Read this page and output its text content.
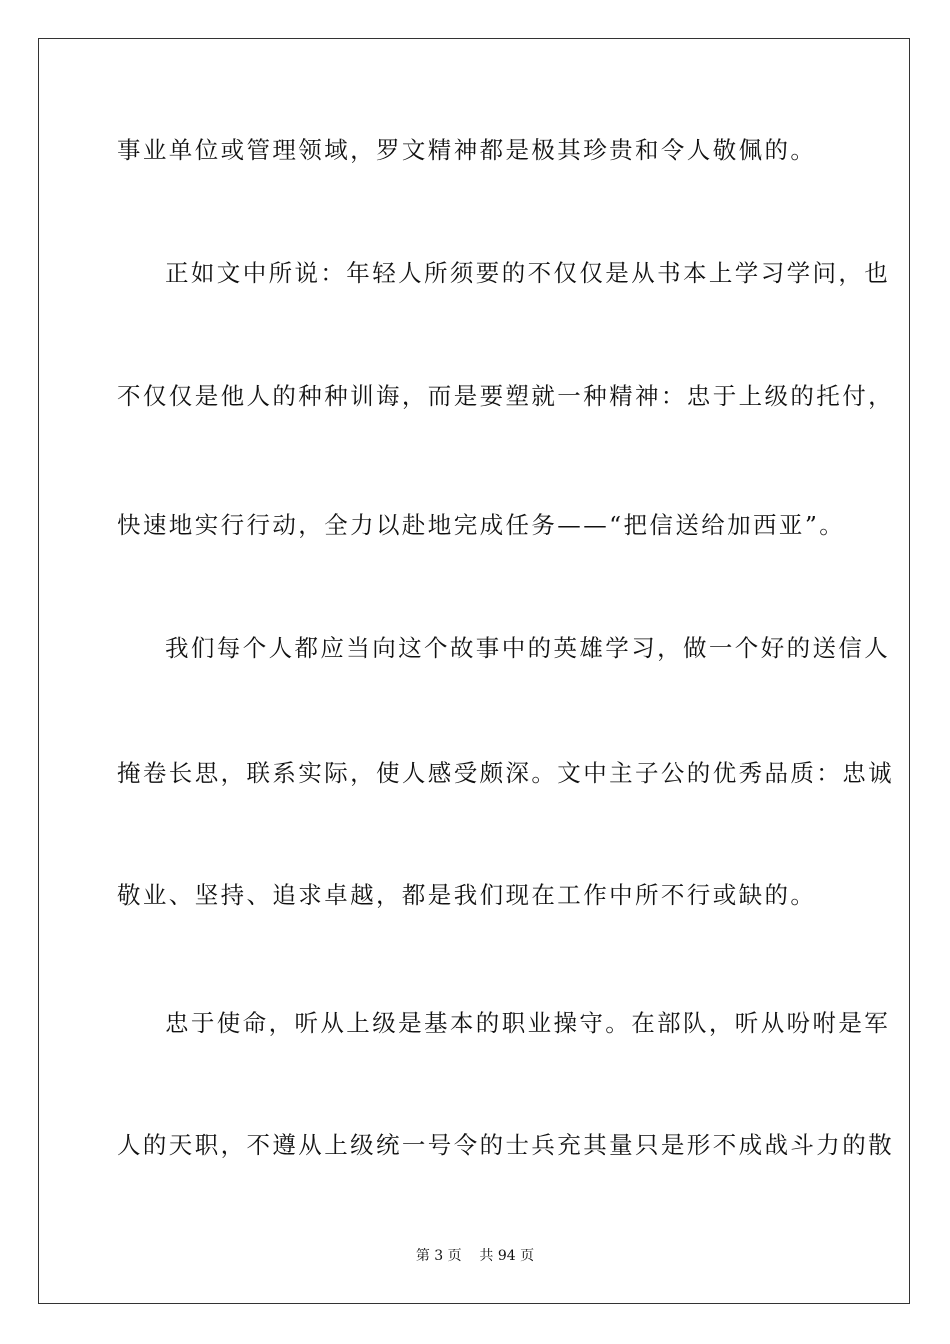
事业单位或管理领域，罗文精神都是极其珍贵和令人敬佩的。
正如文中所说：年轻人所须要的不仅仅是从书本上学习学问，也
不仅仅是他人的种种训诲，而是要塑就一种精神：忠于上级的托付，
快速地实行行动，全力以赴地完成任务——“把信送给加西亚”。
我们每个人都应当向这个故事中的英雄学习，做一个好的送信人
掩卷长思，联系实际，使人感受颇深。文中主子公的优秀品质：忠诚
敬业、坚持、追求卓越，都是我们现在工作中所不行或缺的。
忠于使命，听从上级是基本的职业操守。在部队，听从吩咐是军
人的天职，不遵从上级统一号令的士兵充其量只是形不成战斗力的散
第 3 页    共 94 页
